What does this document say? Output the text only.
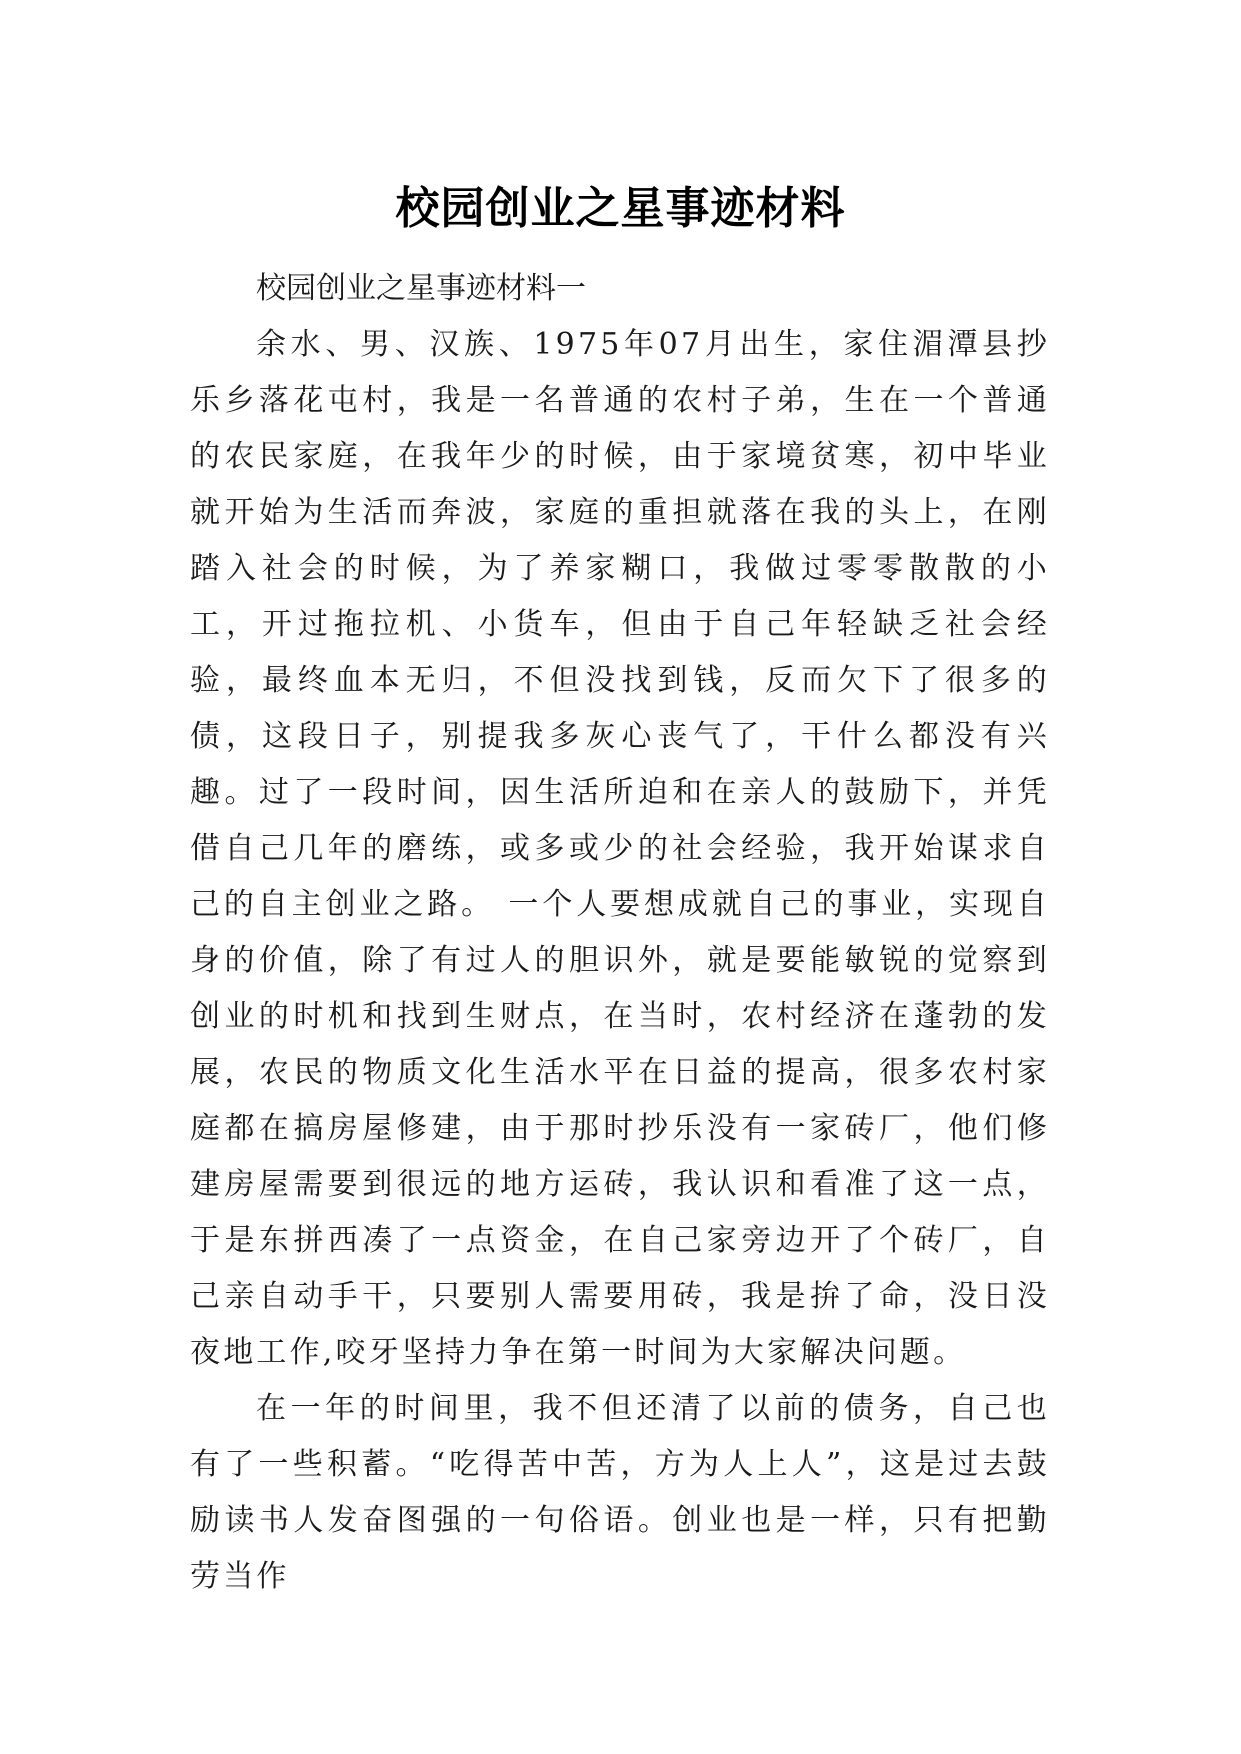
校园创业之星事迹材料

校园创业之星事迹材料一

余水、男、汉族、1975年07月出生，家住湄潭县抄乐乡落花屯村，我是一名普通的农村子弟，生在一个普通的农民家庭，在我年少的时候，由于家境贫寒，初中毕业就开始为生活而奔波，家庭的重担就落在我的头上，在刚踏入社会的时候，为了养家糊口，我做过零零散散的小工，开过拖拉机、小货车，但由于自己年轻缺乏社会经验，最终血本无归，不但没找到钱，反而欠下了很多的债，这段日子，别提我多灰心丧气了，干什么都没有兴趣。过了一段时间，因生活所迫和在亲人的鼓励下，并凭借自己几年的磨练，或多或少的社会经验，我开始谋求自己的自主创业之路。 一个人要想成就自己的事业，实现自身的价值，除了有过人的胆识外，就是要能敏锐的觉察到创业的时机和找到生财点，在当时，农村经济在蓬勃的发展，农民的物质文化生活水平在日益的提高，很多农村家庭都在搞房屋修建，由于那时抄乐没有一家砖厂，他们修建房屋需要到很远的地方运砖，我认识和看准了这一点，于是东拼西凑了一点资金，在自己家旁边开了个砖厂，自己亲自动手干，只要别人需要用砖，我是拚了命，没日没夜地工作,咬牙坚持力争在第一时间为大家解决问题。

在一年的时间里，我不但还清了以前的债务，自己也有了一些积蓄。“吃得苦中苦，方为人上人”，这是过去鼓励读书人发奋图强的一句俗语。创业也是一样，只有把勤劳当作
